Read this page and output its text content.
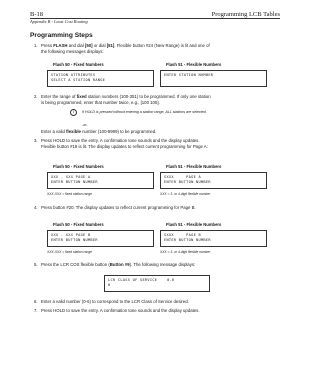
B-18	Programming LCB Tables
Appendix B - Least Cost Routing
Programming Steps
1. Press FLASH and dial [50] or dial [51]. Flexible button #24 (New Range) is lit and one of
the following messages displays:
Flash 50 - Fixed Numbers	Flash 51 - Flexible Numbers
STATION ATTRIBUTES
SELECT A STATION RANGE
ENTER STATION NUMBER
2. Enter the range of fixed station numbers (100-351) to be programmed. If only one station
is being programmed, enter that number twice, e.g., [100 100].
i	If HOLD is pressed without entering a station range, ALL stations are selected.
-or-
Enter a valid flexible number (100-8999) to be programmed.
3. Press HOLD to save the entry. A confirmation tone sounds and the display updates.
Flexible button #19 is lit. The display updates to reflect current programming for Page A:
Flash 50 - Fixed Numbers	Flash 51 - Flexible Numbers
XXX - XXX PAGE A
ENTER BUTTON NUMBER
SXXX     PAGE A
ENTER BUTTON NUMBER
XXX-XXX = fixed station range	XXX = 3- or 4-digit flexible number
4. Press button #20. The display updates to reflect current programming for Page B.
Flash 50 - Fixed Numbers	Flash 51 - Flexible Numbers
XXX - XXX PAGE B
ENTER BUTTON NUMBER
SXXX     PAGE B
ENTER BUTTON NUMBER
XXX-XXX = fixed station range	XXX = 3- or 4-digit flexible number
5. Press the LCR COS flexible button (Button #9). The following message displays:
LCR CLASS OF SERVICE    0-6
0
6. Enter a valid number (0-6) to correspond to the LCR Class of Service desired.
7. Press HOLD to save the entry. A confirmation tone sounds and the display updates.
